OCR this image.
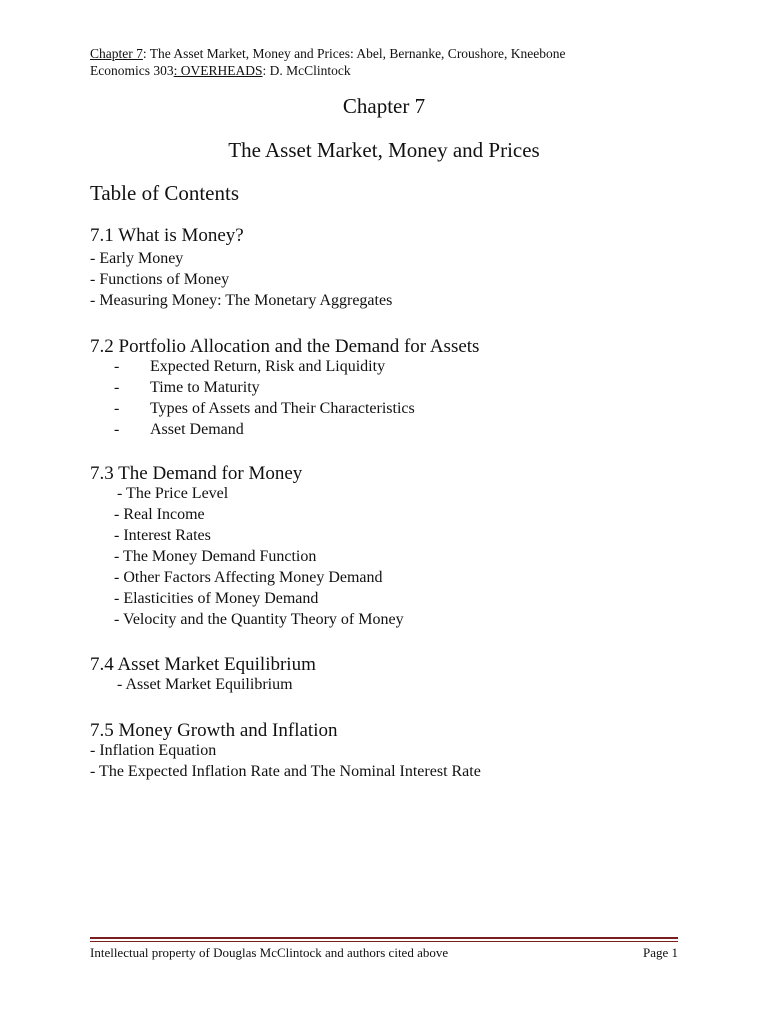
Chapter 7: The Asset Market, Money and Prices: Abel, Bernanke, Croushore, Kneebone
Economics 303: OVERHEADS: D. McClintock
Chapter 7
The Asset Market, Money and Prices
Table of Contents
7.1 What is Money?
- Early Money
- Functions of Money
- Measuring Money: The Monetary Aggregates
7.2 Portfolio Allocation and the Demand for Assets
- Expected Return, Risk and Liquidity
- Time to Maturity
- Types of Assets and Their Characteristics
- Asset Demand
7.3 The Demand for Money
- The Price Level
- Real Income
- Interest Rates
- The Money Demand Function
- Other Factors Affecting Money Demand
- Elasticities of Money Demand
- Velocity and the Quantity Theory of Money
7.4 Asset Market Equilibrium
- Asset Market Equilibrium
7.5 Money Growth and Inflation
- Inflation Equation
- The Expected Inflation Rate and The Nominal Interest Rate
Intellectual property of Douglas McClintock and authors cited above	Page 1
